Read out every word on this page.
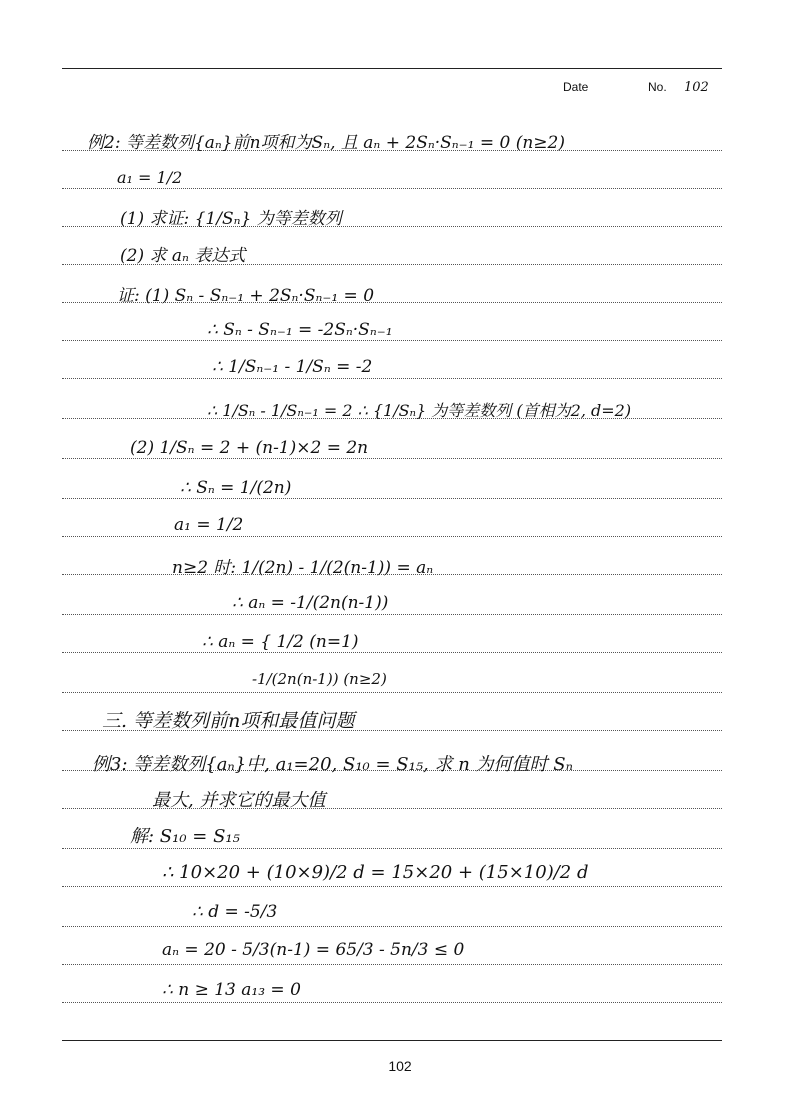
Date	No. 102
例2: 等差数列{aₙ}前n项和为Sₙ, 且 aₙ + 2Sₙ·Sₙ₋₁ = 0 (n≥2)
a₁ = 1/2
(1) 求证: {1/Sₙ} 为等差数列
(2) 求 aₙ 表达式
证: (1) Sₙ - Sₙ₋₁ + 2Sₙ·Sₙ₋₁ = 0
∴ Sₙ - Sₙ₋₁ = -2Sₙ·Sₙ₋₁
∴ 1/Sₙ₋₁ - 1/Sₙ = -2
∴ 1/Sₙ - 1/Sₙ₋₁ = 2 ∴ {1/Sₙ} 为等差数列 (首相为2, d=2)
(2) 1/Sₙ = 2 + (n-1)×2 = 2n
∴ Sₙ = 1/(2n)
a₁ = 1/2
n≥2 时: 1/(2n) - 1/(2(n-1)) = aₙ
∴ aₙ = -1/(2n(n-1))
∴ aₙ = { 1/2 (n=1)
-1/(2n(n-1)) (n≥2)
三. 等差数列前n项和最值问题
例3: 等差数列{aₙ}中, a₁=20, S₁₀ = S₁₅, 求 n 为何值时 Sₙ
最大, 并求它的最大值
解: S₁₀ = S₁₅
∴ 10×20 + (10×9)/2 d = 15×20 + (15×10)/2 d
∴ d = -5/3
aₙ = 20 - 5/3(n-1) = 65/3 - 5n/3 ≤ 0
∴ n ≥ 13 a₁₃ = 0
102
